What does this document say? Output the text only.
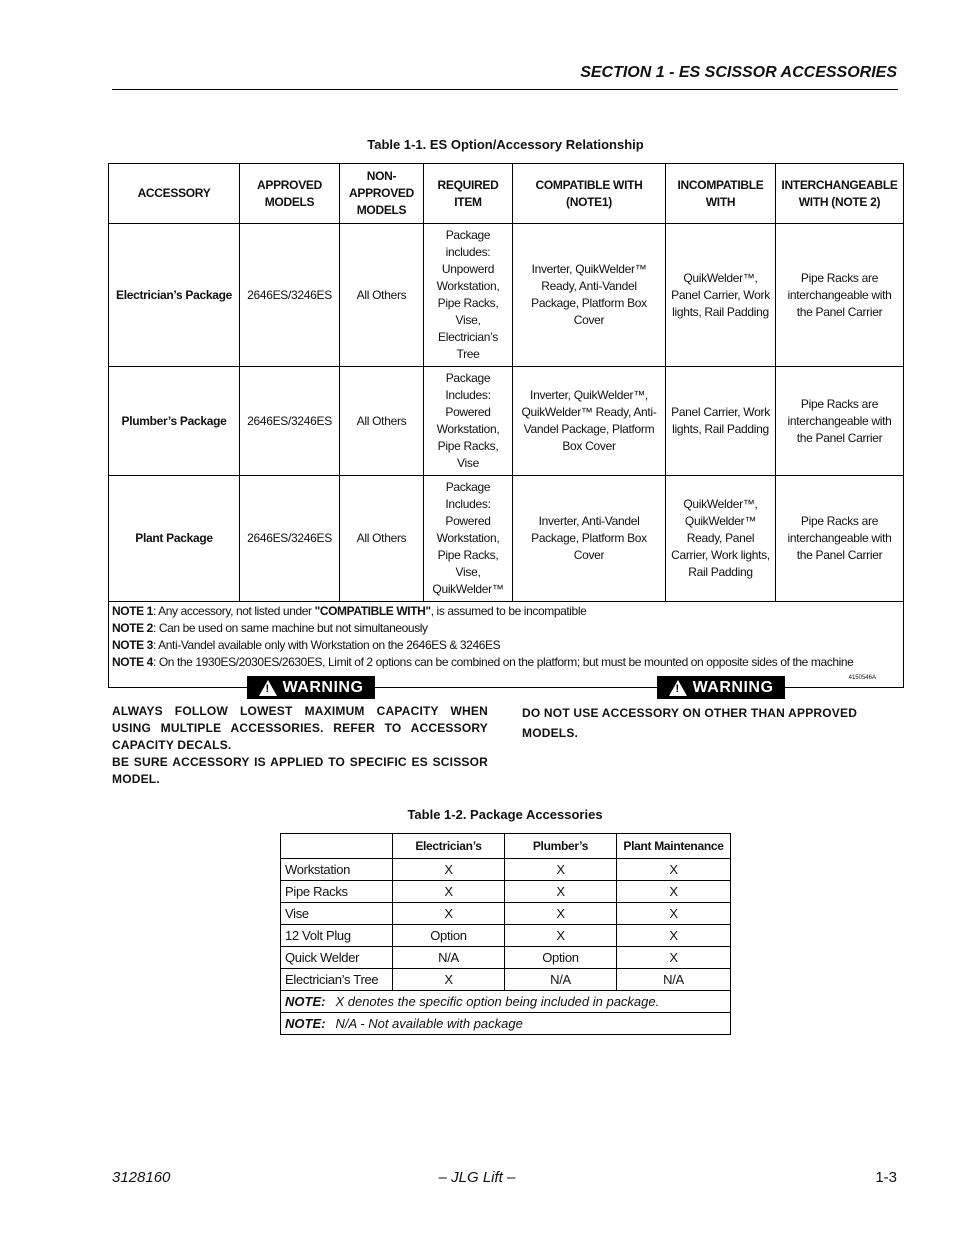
SECTION 1 - ES SCISSOR ACCESSORIES
Table 1-1. ES Option/Accessory Relationship
ACCESSORY	APPROVED MODELS	NON-APPROVED MODELS	REQUIRED ITEM	COMPATIBLE WITH (NOTE1)	INCOMPATIBLE WITH	INTERCHANGEABLE WITH (NOTE 2)
Electrician’s Package	2646ES/3246ES	All Others	Package includes: Unpowerd Workstation, Pipe Racks, Vise, Electrician’s Tree	Inverter, QuikWelder™ Ready, Anti-Vandel Package, Platform Box Cover	QuikWelder™, Panel Carrier, Work lights, Rail Padding	Pipe Racks are interchangeable with the Panel Carrier
Plumber’s Package	2646ES/3246ES	All Others	Package Includes: Powered Workstation, Pipe Racks, Vise	Inverter, QuikWelder™, QuikWelder™ Ready, Anti-Vandel Package, Platform Box Cover	Panel Carrier, Work lights, Rail Padding	Pipe Racks are interchangeable with the Panel Carrier
Plant Package	2646ES/3246ES	All Others	Package Includes: Powered Workstation, Pipe Racks, Vise, QuikWelder™	Inverter, Anti-Vandel Package, Platform Box Cover	QuikWelder™, QuikWelder™ Ready, Panel Carrier, Work lights, Rail Padding	Pipe Racks are interchangeable with the Panel Carrier

NOTE 1: Any accessory, not listed under "COMPATIBLE WITH", is assumed to be incompatible
NOTE 2: Can be used on same machine but not simultaneously
NOTE 3: Anti-Vandel available only with Workstation on the 2646ES & 3246ES
NOTE 4: On the 1930ES/2030ES/2630ES, Limit of 2 options can be combined on the platform; but must be mounted on opposite sides of the machine
4150546A						
! WARNING
ALWAYS FOLLOW LOWEST MAXIMUM CAPACITY WHEN USING MULTIPLE ACCESSORIES. REFER TO ACCESSORY CAPACITY DECALS.
BE SURE ACCESSORY IS APPLIED TO SPECIFIC ES SCISSOR MODEL.
! WARNING
DO NOT USE ACCESSORY ON OTHER THAN APPROVED MODELS.
Table 1-2. Package Accessories
	Electrician’s	Plumber’s	Plant Maintenance
Workstation	X	X	X
Pipe Racks	X	X	X
Vise	X	X	X
12 Volt Plug	Option	X	X
Quick Welder	N/A	Option	X
Electrician’s Tree	X	N/A	N/A
NOTE: X denotes the specific option being included in package.			
NOTE: N/A - Not available with package			
3128160	– JLG Lift –	1-3
